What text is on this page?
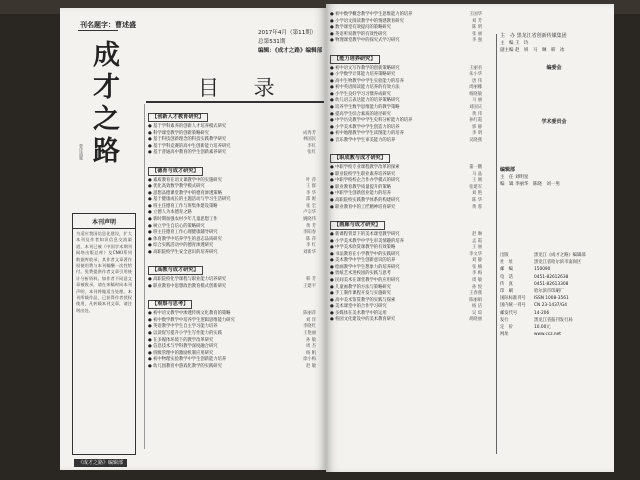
刊名题字：曹述盛
成才之路
曹述盛题
2017年4月（第11期）
总第531期
编辑：《成才之路》编辑部
目 录
本刊声明
为适应我国信息化建设，扩大本刊及作者知识信息交流渠道，本刊已被《中国学术期刊网络出版总库》及CNKI系列数据库收录，其作者文章著作权使用费与本刊稿酬一次性给付。免费提供作者文章引用统计分析资料。如作者不同意文章被收录，请在来稿时向本刊声明，本刊将做适当处理。本刊所载作品，已获得作者授权使用，凡转载本刊文章，请注明出处。
《成才之路》编辑部
【创新人才教育研究】
● 基于学科素养的创新人才培养模式研究
● 科学课堂教学的创新策略研究	成秀芳
● 基于科技创新理念的科技实践教学研究	林国民
● 基于学科竞赛的高中生创新能力培养研究	李红
● 基于普通高中教育的学生创新素养研究	张红
【德育与成才研究】
● 素质教育在语文课教学中的实施研究	叶 萍
● 优化高效数学教学模式研究	王 群
● 思想品德课堂教学中的德育渗透策略	李 华
● 基于健康成长的主题活动与学习生活研究	邵 妮
● 班主任德育工作与班集体建设策略	张 宏
● 立德人为本德育之路	卢宗华
● 新时期加强农村少年儿童思想工作	姚晓伟
● 树立学生自信心的策略研究	黄 芳
● 班主任德育工作心理健康辅导研究	李阳春
● 体育教学中培养学生的意志品质研究	陈 萍
● 综合实践活动中的德育渗透研究	李 红
● 高职院校学生安全意识的培养研究	刘新华
【高教与成才研究】
● 高职院校化学课程与职业能力培养研究	韩 芳
● 职业教育中思想政治教育模式创新研究	王建平
【观察与思考】
● 初中语文教学中渗透传统文化教育的策略	陈丽萍
● 初中数学教学中培养学生逻辑思维能力研究	刘 洋
● 英语教学中学生自主学习能力培养	李晓红
● 以读促写提升小学生写作能力的实践	王艳丽
● 在多媒体环境下的教学改革研究	孙 敏
● 信息技术与学科教学深度融合研究	周 杰
● 班级管理中的激励机制应用研究	杨 帆
● 初中物理实验教学中学生创新能力培养	徐小梅
● 幼儿园教育中游戏化教学的实践研究	赵 敏
● 初中数学概念教学中学生思维能力的培养	王国华
● 小学语文阅读教学中的情感教育研究	刘 芳
● 数学课堂有效提问的策略研究	陈 明
● 英语听说教学的有效性研究	张 丽
● 物理课堂教学中的探究式学习研究	李 强
【能力培养研究】
● 初中语文写作教学的创新策略研究	王丽君
● 小学数学计算能力培养策略研究	朱小华
● 高中生物教学中学生实验能力的培养	唐 伟
● 初中英语阅读能力培养的有效方法	周丽娜
● 小学生良好学习习惯养成研究	杨晓敏
● 幼儿语言表达能力的培养策略研究	马 丽
● 培养学生数学思维能力的教学策略	刘国庆
● 提高学生综合素质的途径研究	黄 伟
● 中学历史教学中学生史料分析能力的培养	孙红霞
● 小学美术教学中学生创造力的培养	郭 静
● 初中地理教学中学生读图能力的培养	李 明
● 音乐教学中学生审美能力的培养	吴晓燕
【职成教与成才研究】
● 中职学校专业课程教学改革的探索	董一鹏
● 职业院校学生职业素养培养研究	马 晶
● 中职学校校企合作办学模式的研究	王 刚
● 职业教育教学质量提升的策略	张建军
● 中职学生创新创业能力的培养	刘 艳
● 高职院校实践教学体系的构建研究	陈 华
● 职业教育中的工匠精神培育研究	黄 蓉
【画廊与成才研究】
● 新课程背景下的美术课堂教学研究	赵 琳
● 小学美术教学中学生审美情趣的培养	孟 霞
● 中学美术欣赏课教学的有效策略	王 丽
● 书法教育在小学教学中的实践研究	李文华
● 美术教学中学生创新意识的培养	刘 静
● 绘画教学中学生想象力的培养研究	张 楠
● 剪纸艺术进校园的实践与思考	李 梅
● 民间美术在课堂教学中的应用研究	周 敏
● 儿童画教学的方法与策略研究	孙 悦
● 手工制作课程开发与实施研究	王春燕
● 高中美术鉴赏教学的实践与探索	陈丽娟
● 美术课堂中的合作学习研究	杨 洁
● 多媒体在美术教学中的运用	吴 琼
● 校园文化建设中的美术教育研究	胡晓丽
主　办 黑龙江省创新传媒集团
主　编 王　玲
副主编 赵　妍　马　琳　韩　冰
编委会
学术委员会
编辑部
主　任 刘明星
编　辑 李丽华　陈晓　刘一男
出版	黑龙江《成才之路》编辑部
社　址	黑龙江省哈尔滨市南岗区
邮　编	150090
电　话	0451-82612638
传　真	0451-82613308
印　刷	哈尔滨市印刷厂
国际标准刊号 ISSN 1008-3561
国内统一刊号 CN 23-1437/G4
邮发代号	14-206
发行	黑龙江省报刊发行局
定　价	10.00元
网址	www.ccz.net
